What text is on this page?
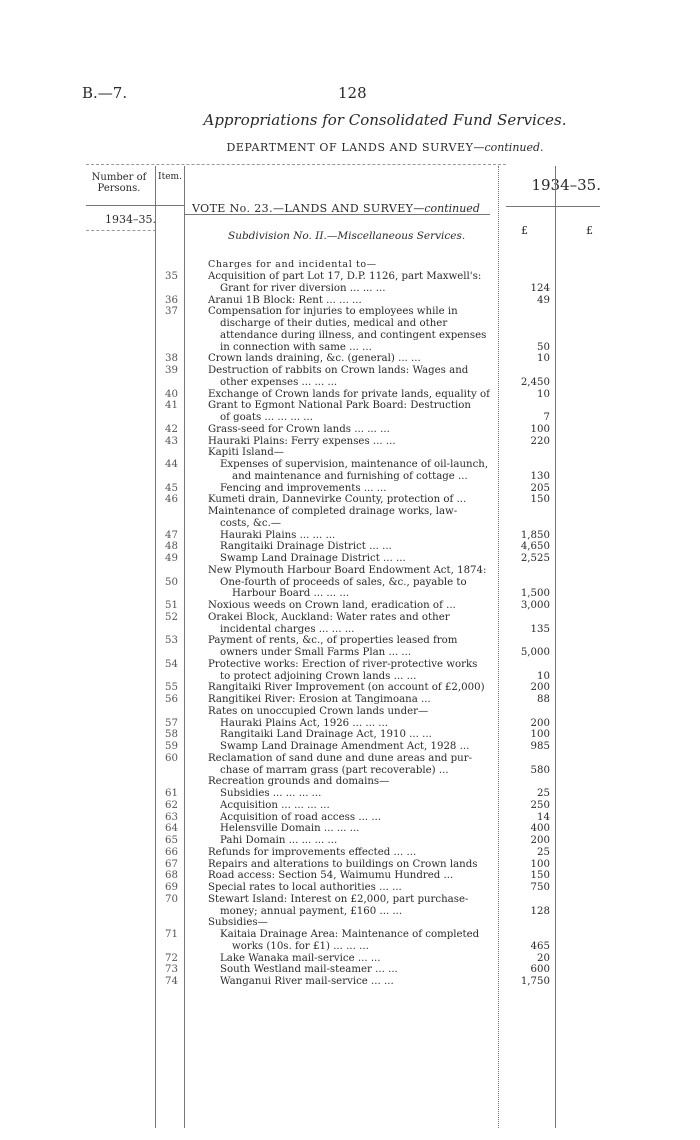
B.—7.	128
Appropriations for Consolidated Fund Services.
DEPARTMENT OF LANDS AND SURVEY—continued.
Number of Persons.
Item.
1934–35.
1934–35.
VOTE No. 23.—LANDS AND SURVEY—continued
Subdivision No. II.—Miscellaneous Services.	£	£
Charges for and incidental to—
35	Acquisition of part Lot 17, D.P. 1126, part Maxwell's:
Grant for river diversion ... ... ...	124
36	Aranui 1B Block: Rent ... ... ...	49
37	Compensation for injuries to employees while in
discharge of their duties, medical and other
attendance during illness, and contingent expenses
in connection with same ... ...	50
38	Crown lands draining, &c. (general) ... ...	10
39	Destruction of rabbits on Crown lands: Wages and
other expenses ... ... ...	2,450
40	Exchange of Crown lands for private lands, equality of	10
41	Grant to Egmont National Park Board: Destruction
of goats ... ... ... ...	7
42	Grass-seed for Crown lands ... ... ...	100
43	Hauraki Plains: Ferry expenses ... ...	220
Kapiti Island—
44	Expenses of supervision, maintenance of oil-launch,
and maintenance and furnishing of cottage ...	130
45	Fencing and improvements ... ...	205
46	Kumeti drain, Dannevirke County, protection of ...	150
Maintenance of completed drainage works, law-
costs, &c.—
47	Hauraki Plains ... ... ...	1,850
48	Rangitaiki Drainage District ... ...	4,650
49	Swamp Land Drainage District ... ...	2,525
New Plymouth Harbour Board Endowment Act, 1874:
50	One-fourth of proceeds of sales, &c., payable to
Harbour Board ... ... ...	1,500
51	Noxious weeds on Crown land, eradication of ...	3,000
52	Orakei Block, Auckland: Water rates and other
incidental charges ... ... ...	135
53	Payment of rents, &c., of properties leased from
owners under Small Farms Plan ... ...	5,000
54	Protective works: Erection of river-protective works
to protect adjoining Crown lands ... ...	10
55	Rangitaiki River Improvement (on account of £2,000)	200
56	Rangitikei River: Erosion at Tangimoana ...	88
Rates on unoccupied Crown lands under—
57	Hauraki Plains Act, 1926 ... ... ...	200
58	Rangitaiki Land Drainage Act, 1910 ... ...	100
59	Swamp Land Drainage Amendment Act, 1928 ...	985
60	Reclamation of sand dune and dune areas and pur-
chase of marram grass (part recoverable) ...	580
Recreation grounds and domains—
61	Subsidies ... ... ... ...	25
62	Acquisition ... ... ... ...	250
63	Acquisition of road access ... ...	14
64	Helensville Domain ... ... ...	400
65	Pahi Domain ... ... ... ...	200
66	Refunds for improvements effected ... ...	25
67	Repairs and alterations to buildings on Crown lands	100
68	Road access: Section 54, Waimumu Hundred ...	150
69	Special rates to local authorities ... ...	750
70	Stewart Island: Interest on £2,000, part purchase-
money; annual payment, £160 ... ...	128
Subsidies—
71	Kaitaia Drainage Area: Maintenance of completed
works (10s. for £1) ... ... ...	465
72	Lake Wanaka mail-service ... ...	20
73	South Westland mail-steamer ... ...	600
74	Wanganui River mail-service ... ...	1,750
